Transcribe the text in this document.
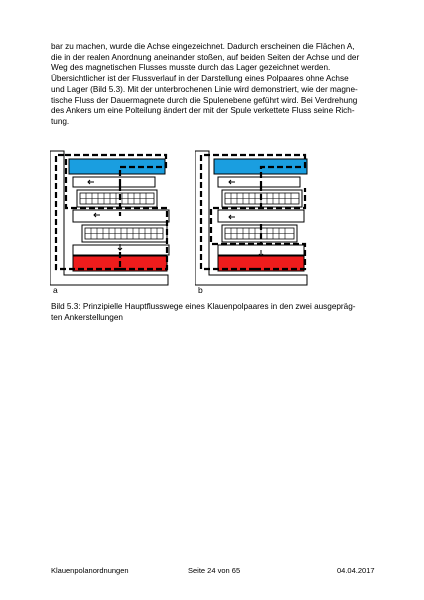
bar zu machen, wurde die Achse eingezeichnet. Dadurch erscheinen die Flächen A,
die in der realen Anordnung aneinander stoßen, auf beiden Seiten der Achse und der
Weg des magnetischen Flusses musste durch das Lager gezeichnet werden.
Übersichtlicher ist der Flussverlauf in der Darstellung eines Polpaares ohne Achse
und Lager (Bild 5.3). Mit der unterbrochenen Linie wird demonstriert, wie der magne-
tische Fluss der Dauermagnete durch die Spulenebene geführt wird. Bei Verdrehung
des Ankers um eine Polteilung ändert der mit der Spule verkettete Fluss seine Rich-
tung.

a	b

Bild 5.3: Prinzipielle Hauptflusswege eines Klauenpolpaares in den zwei ausgepräg-
ten Ankerstellungen

Klauenpolanordnungen	Seite 24 von 65	04.04.2017
